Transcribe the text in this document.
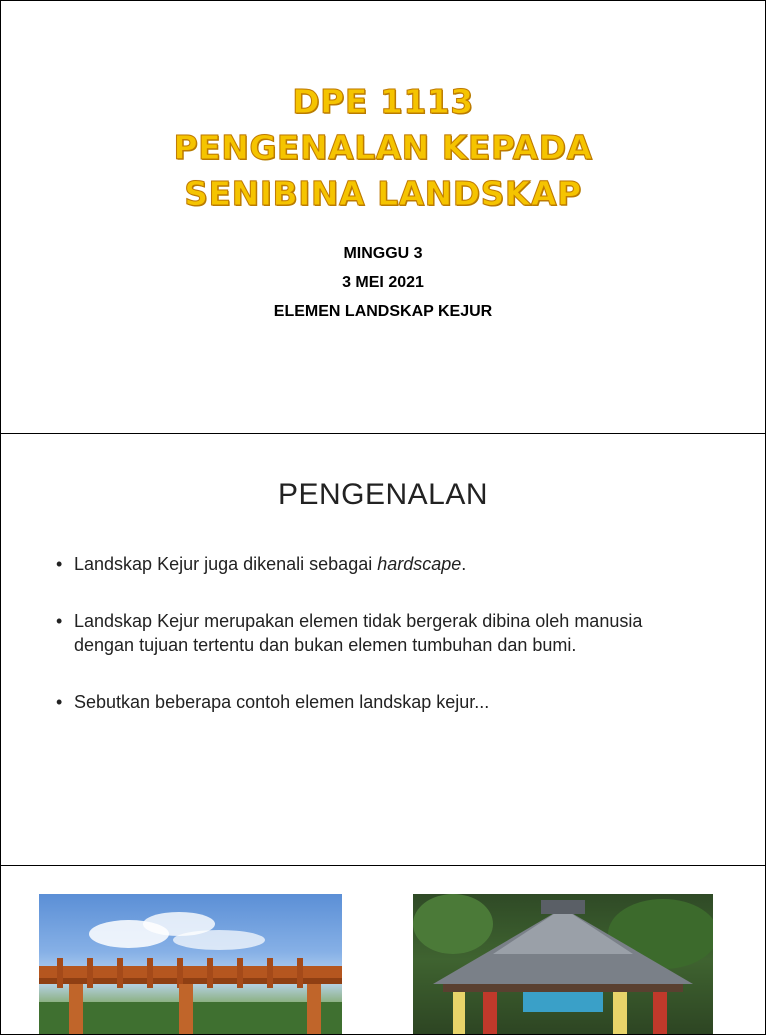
DPE 1113
PENGENALAN KEPADA
SENIBINA LANDSKAP
MINGGU 3
3 MEI 2021
ELEMEN LANDSKAP KEJUR
PENGENALAN
• Landskap Kejur juga dikenali sebagai hardscape.
• Landskap Kejur merupakan elemen tidak bergerak dibina oleh manusia dengan tujuan tertentu dan bukan elemen tumbuhan dan bumi.
• Sebutkan beberapa contoh elemen landskap kejur...
